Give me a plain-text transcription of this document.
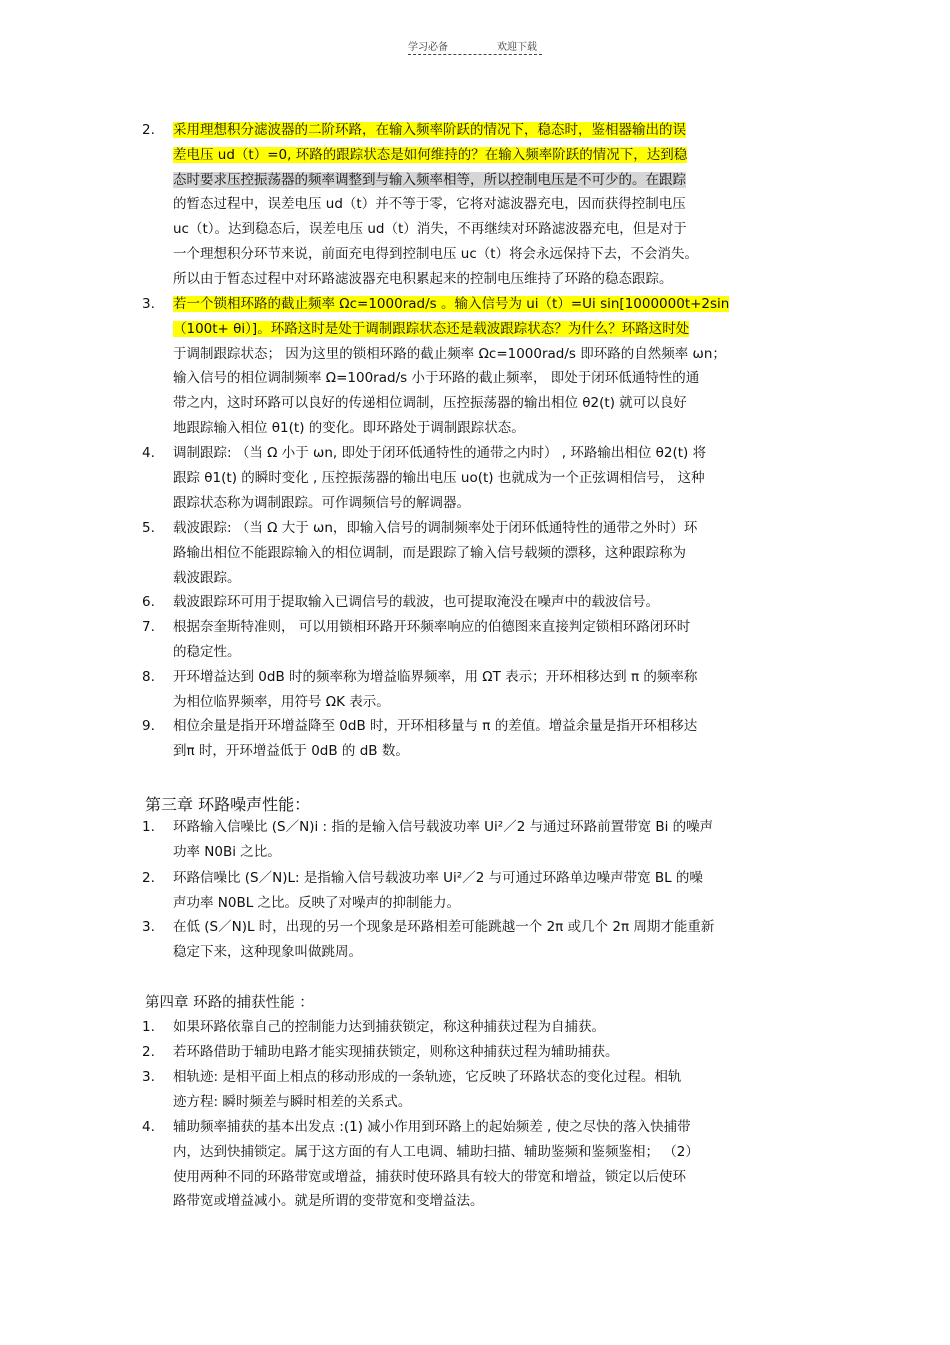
学习必备	欢迎下载
2.	采用理想积分滤波器的二阶环路，在输入频率阶跃的情况下，稳态时，鉴相器输出的误
差电压 ud（t）=0, 环路的跟踪状态是如何维持的？在输入频率阶跃的情况下，达到稳
态时要求压控振荡器的频率调整到与输入频率相等，所以控制电压是不可少的。在跟踪
的暂态过程中，误差电压 ud（t）并不等于零，它将对滤波器充电，因而获得控制电压
uc（t）。达到稳态后，误差电压 ud（t）消失，不再继续对环路滤波器充电，但是对于
一个理想积分环节来说，前面充电得到控制电压 uc（t）将会永远保持下去，不会消失。
所以由于暂态过程中对环路滤波器充电积累起来的控制电压维持了环路的稳态跟踪。
3.	若一个锁相环路的截止频率 Ωc=1000rad/s 。输入信号为 ui（t）=Ui sin[1000000t+2sin
（100t+ θi）]。环路这时是处于调制跟踪状态还是载波跟踪状态？为什么？环路这时处
于调制跟踪状态； 因为这里的锁相环路的截止频率 Ωc=1000rad/s 即环路的自然频率 ωn；
输入信号的相位调制频率 Ω=100rad/s 小于环路的截止频率， 即处于闭环低通特性的通
带之内，这时环路可以良好的传递相位调制，压控振荡器的输出相位 θ2(t) 就可以良好
地跟踪输入相位 θ1(t) 的变化。即环路处于调制跟踪状态。
4.	调制跟踪: （当 Ω 小于 ωn, 即处于闭环低通特性的通带之内时） , 环路输出相位 θ2(t) 将
跟踪 θ1(t) 的瞬时变化 , 压控振荡器的输出电压 uo(t) 也就成为一个正弦调相信号， 这种
跟踪状态称为调制跟踪。可作调频信号的解调器。
5.	载波跟踪: （当 Ω 大于 ωn，即输入信号的调制频率处于闭环低通特性的通带之外时）环
路输出相位不能跟踪输入的相位调制，而是跟踪了输入信号载频的漂移，这种跟踪称为
载波跟踪。
6.	载波跟踪环可用于提取输入已调信号的载波，也可提取淹没在噪声中的载波信号。
7.	根据奈奎斯特准则， 可以用锁相环路开环频率响应的伯德图来直接判定锁相环路闭环时
的稳定性。
8.	开环增益达到 0dB 时的频率称为增益临界频率，用 ΩT 表示；开环相移达到 π 的频率称
为相位临界频率，用符号 ΩK 表示。
9.	相位余量是指开环增益降至 0dB 时，开环相移量与 π 的差值。增益余量是指开环相移达
到π 时，开环增益低于 0dB 的 dB 数。
第三章 环路噪声性能：
1.	环路输入信噪比 (S／N)i : 指的是输入信号载波功率 Ui²／2 与通过环路前置带宽 Bi 的噪声
功率 N0Bi 之比。
2.	环路信噪比 (S／N)L: 是指输入信号载波功率 Ui²／2 与可通过环路单边噪声带宽 BL 的噪
声功率 N0BL 之比。反映了对噪声的抑制能力。
3.	在低 (S／N)L 时，出现的另一个现象是环路相差可能跳越一个 2π 或几个 2π 周期才能重新
稳定下来，这种现象叫做跳周。
第四章 环路的捕获性能 ：
1.	如果环路依靠自己的控制能力达到捕获锁定，称这种捕获过程为自捕获。
2.	若环路借助于辅助电路才能实现捕获锁定，则称这种捕获过程为辅助捕获。
3.	相轨迹: 是相平面上相点的移动形成的一条轨迹，它反映了环路状态的变化过程。相轨
迹方程: 瞬时频差与瞬时相差的关系式。
4.	辅助频率捕获的基本出发点 :(1) 减小作用到环路上的起始频差 , 使之尽快的落入快捕带
内，达到快捕锁定。属于这方面的有人工电调、辅助扫描、辅助鉴频和鉴频鉴相； （2）
使用两种不同的环路带宽或增益，捕获时使环路具有较大的带宽和增益，锁定以后使环
路带宽或增益减小。就是所谓的变带宽和变增益法。
